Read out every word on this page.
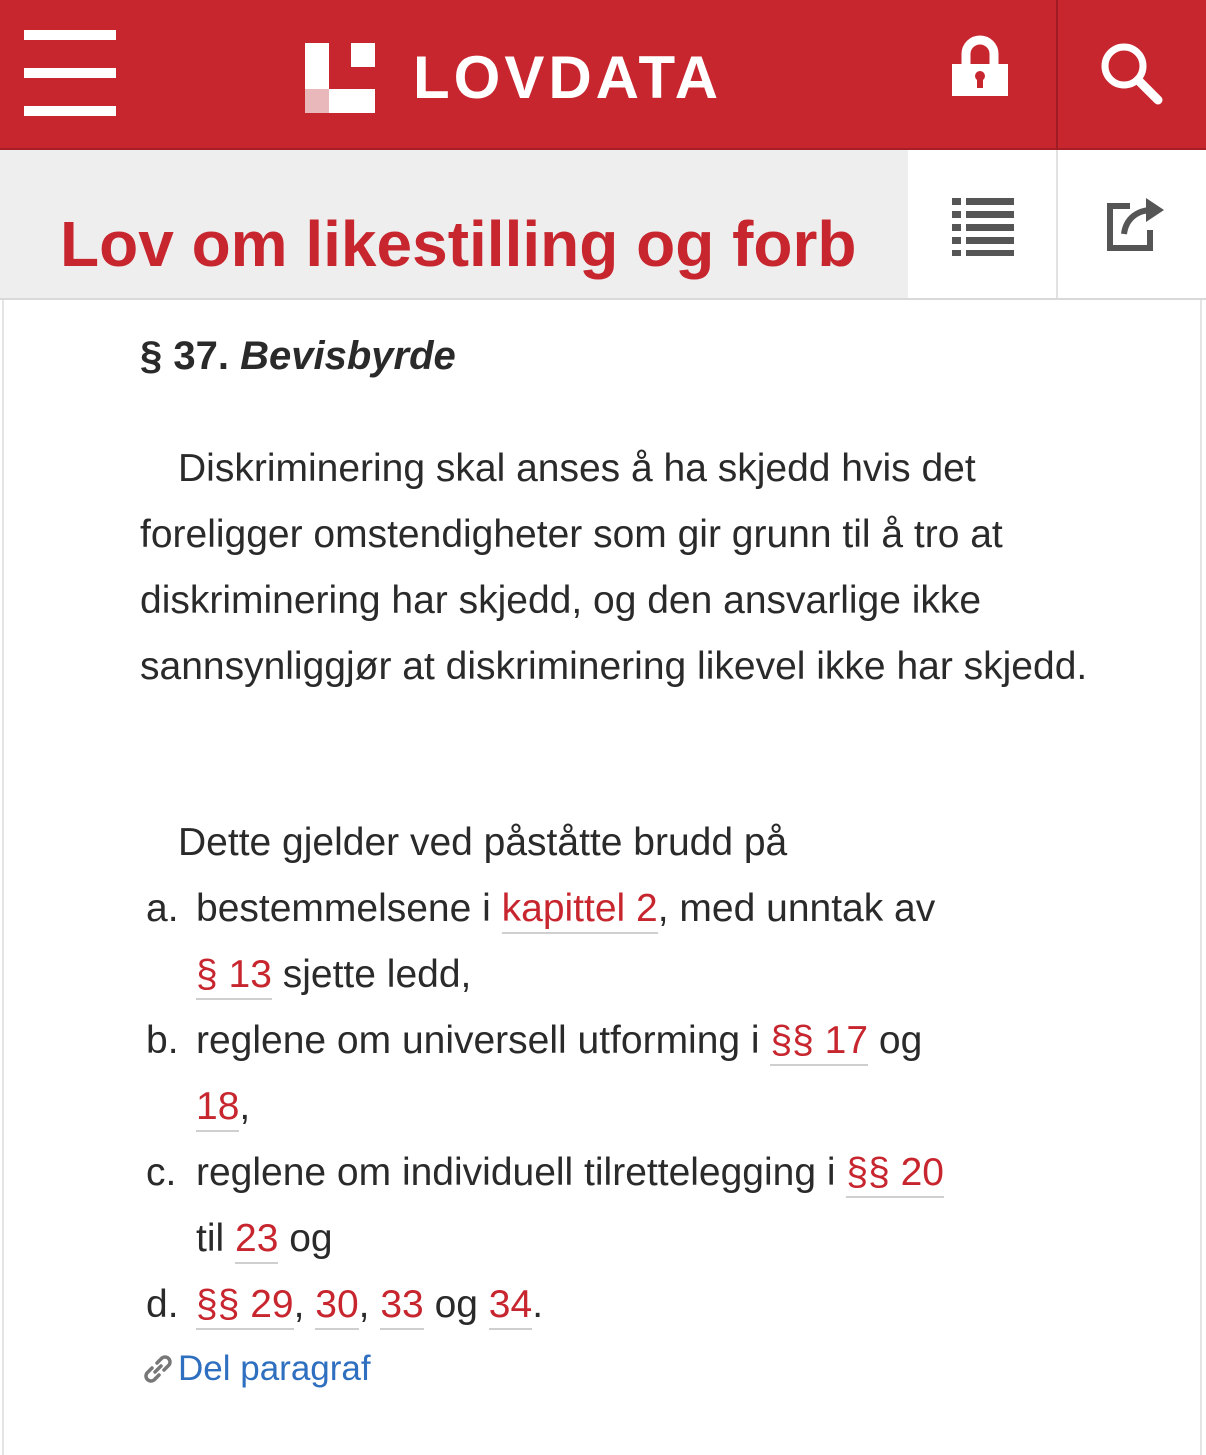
LOVDATA
Lov om likestilling og forb
§ 37. Bevisbyrde
Diskriminering skal anses å ha skjedd hvis det foreligger omstendigheter som gir grunn til å tro at diskriminering har skjedd, og den ansvarlige ikke sannsynliggjør at diskriminering likevel ikke har skjedd.
Dette gjelder ved påståtte brudd på
a. bestemmelsene i kapittel 2, med unntak av
§ 13 sjette ledd,
b. reglene om universell utforming i §§ 17 og
18,
c. reglene om individuell tilrettelegging i §§ 20
til 23 og
d. §§ 29, 30, 33 og 34.
Del paragraf
